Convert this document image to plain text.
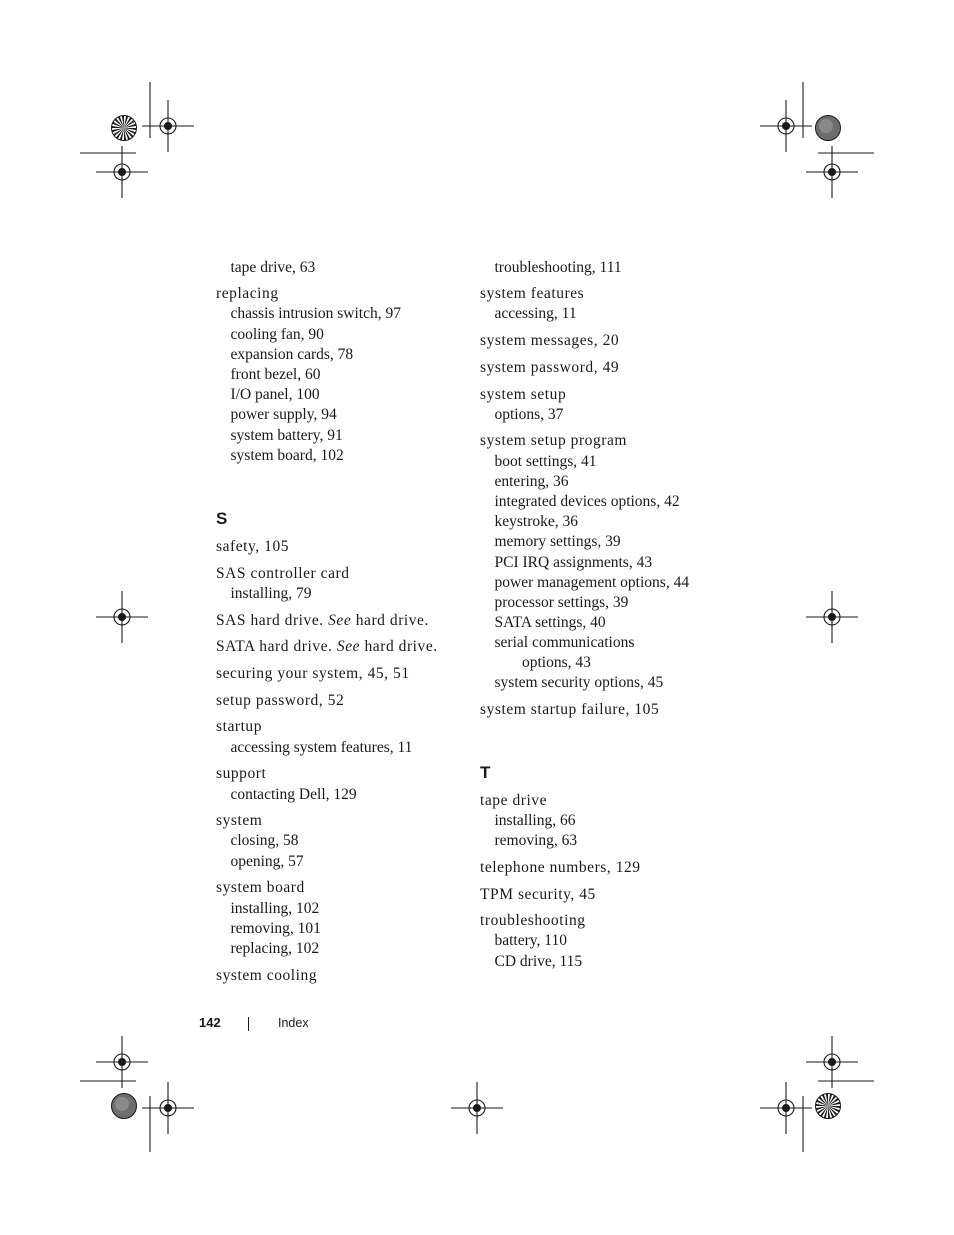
tape drive, 63
replacing
chassis intrusion switch, 97
cooling fan, 90
expansion cards, 78
front bezel, 60
I/O panel, 100
power supply, 94
system battery, 91
system board, 102
S
safety, 105
SAS controller card
installing, 79
SAS hard drive. See hard drive.
SATA hard drive. See hard drive.
securing your system, 45, 51
setup password, 52
startup
accessing system features, 11
support
contacting Dell, 129
system
closing, 58
opening, 57
system board
installing, 102
removing, 101
replacing, 102
system cooling
troubleshooting, 111
system features
accessing, 11
system messages, 20
system password, 49
system setup
options, 37
system setup program
boot settings, 41
entering, 36
integrated devices options, 42
keystroke, 36
memory settings, 39
PCI IRQ assignments, 43
power management options, 44
processor settings, 39
SATA settings, 40
serial communications
options, 43
system security options, 45
system startup failure, 105
T
tape drive
installing, 66
removing, 63
telephone numbers, 129
TPM security, 45
troubleshooting
battery, 110
CD drive, 115
142	Index
